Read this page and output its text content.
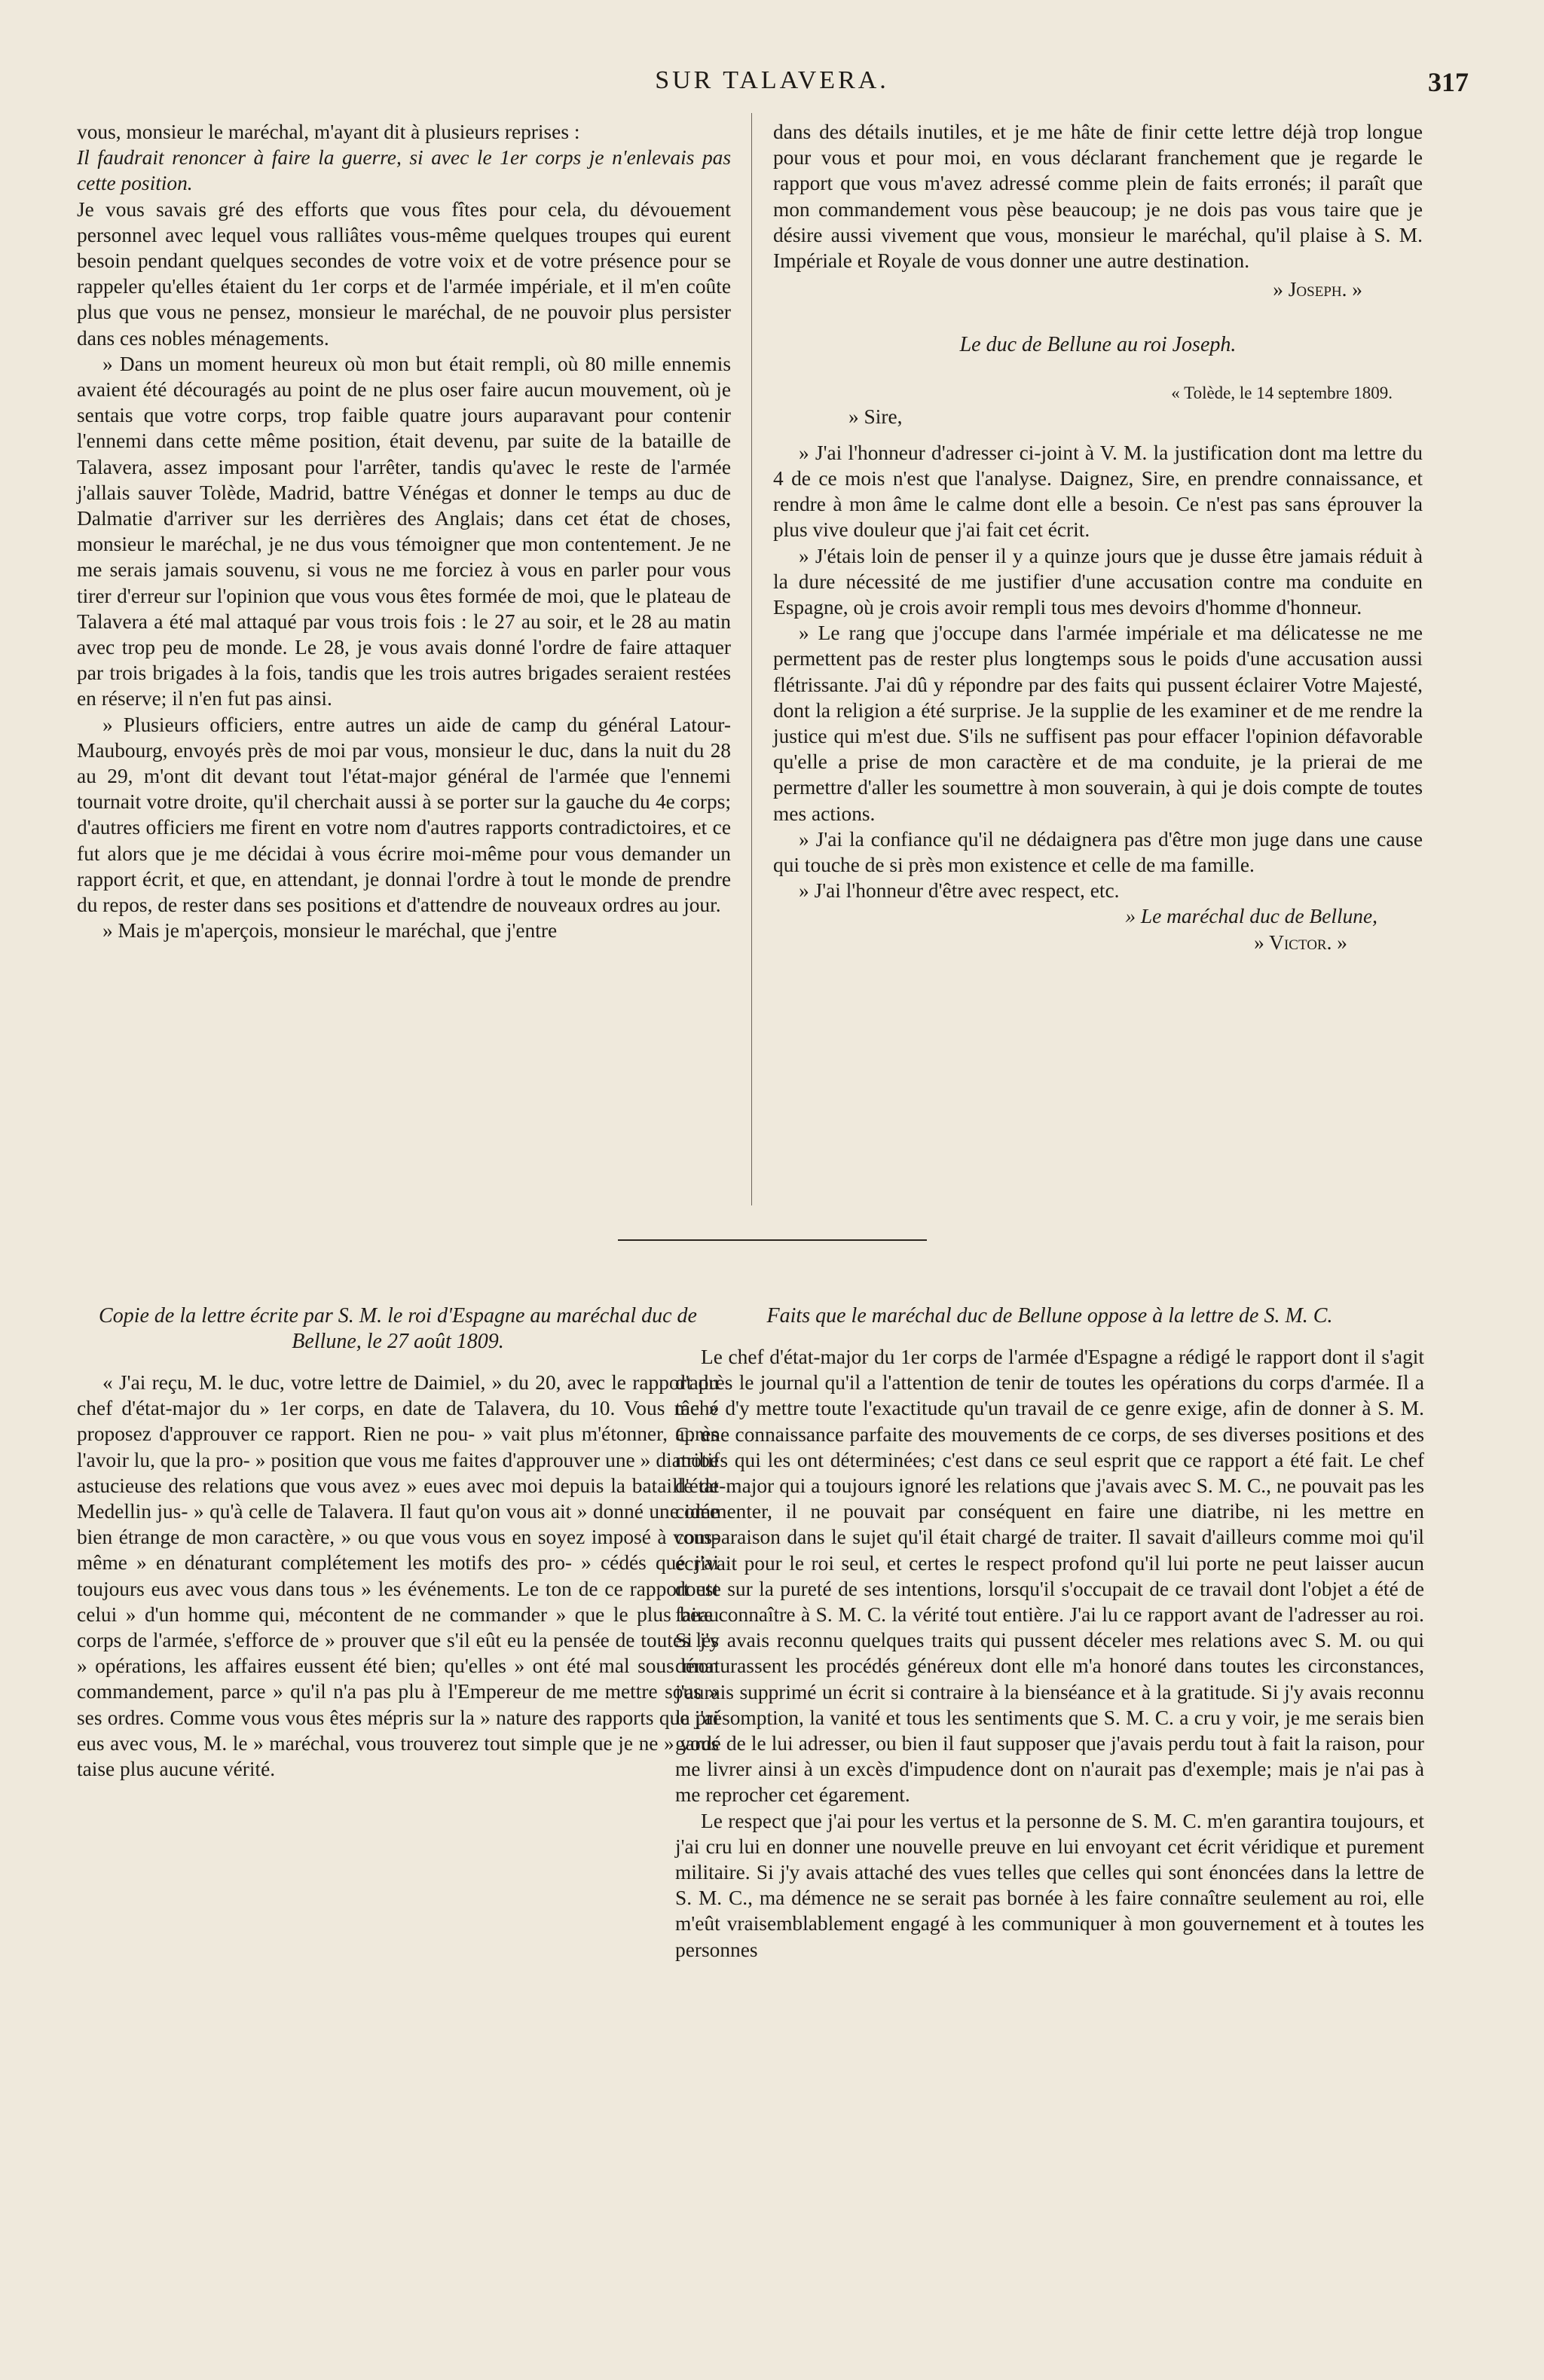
SUR TALAVERA.	317

vous, monsieur le maréchal, m'ayant dit à plusieurs reprises :

Il faudrait renoncer à faire la guerre, si avec le 1er corps je n'enlevais pas cette position.

Je vous savais gré des efforts que vous fîtes pour cela, du dévouement personnel avec lequel vous ralliâtes vous-même quelques troupes qui eurent besoin pendant quelques secondes de votre voix et de votre présence pour se rappeler qu'elles étaient du 1er corps et de l'armée impériale, et il m'en coûte plus que vous ne pensez, monsieur le maréchal, de ne pouvoir plus persister dans ces nobles ménagements.

» Dans un moment heureux où mon but était rempli, où 80 mille ennemis avaient été découragés au point de ne plus oser faire aucun mouvement, où je sentais que votre corps, trop faible quatre jours auparavant pour contenir l'ennemi dans cette même position, était devenu, par suite de la bataille de Talavera, assez imposant pour l'arrêter, tandis qu'avec le reste de l'armée j'allais sauver Tolède, Madrid, battre Vénégas et donner le temps au duc de Dalmatie d'arriver sur les derrières des Anglais; dans cet état de choses, monsieur le maréchal, je ne dus vous témoigner que mon contentement. Je ne me serais jamais souvenu, si vous ne me forciez à vous en parler pour vous tirer d'erreur sur l'opinion que vous vous êtes formée de moi, que le plateau de Talavera a été mal attaqué par vous trois fois : le 27 au soir, et le 28 au matin avec trop peu de monde. Le 28, je vous avais donné l'ordre de faire attaquer par trois brigades à la fois, tandis que les trois autres brigades seraient restées en réserve; il n'en fut pas ainsi.

» Plusieurs officiers, entre autres un aide de camp du général Latour-Maubourg, envoyés près de moi par vous, monsieur le duc, dans la nuit du 28 au 29, m'ont dit devant tout l'état-major général de l'armée que l'ennemi tournait votre droite, qu'il cherchait aussi à se porter sur la gauche du 4e corps; d'autres officiers me firent en votre nom d'autres rapports contradictoires, et ce fut alors que je me décidai à vous écrire moi-même pour vous demander un rapport écrit, et que, en attendant, je donnai l'ordre à tout le monde de prendre du repos, de rester dans ses positions et d'attendre de nouveaux ordres au jour.

» Mais je m'aperçois, monsieur le maréchal, que j'entre

dans des détails inutiles, et je me hâte de finir cette lettre déjà trop longue pour vous et pour moi, en vous déclarant franchement que je regarde le rapport que vous m'avez adressé comme plein de faits erronés; il paraît que mon commandement vous pèse beaucoup; je ne dois pas vous taire que je désire aussi vivement que vous, monsieur le maréchal, qu'il plaise à S. M. Impériale et Royale de vous donner une autre destination.

» Joseph. »

Le duc de Bellune au roi Joseph.

« Tolède, le 14 septembre 1809.

» Sire,

» J'ai l'honneur d'adresser ci-joint à V. M. la justification dont ma lettre du 4 de ce mois n'est que l'analyse. Daignez, Sire, en prendre connaissance, et rendre à mon âme le calme dont elle a besoin. Ce n'est pas sans éprouver la plus vive douleur que j'ai fait cet écrit.

» J'étais loin de penser il y a quinze jours que je dusse être jamais réduit à la dure nécessité de me justifier d'une accusation contre ma conduite en Espagne, où je crois avoir rempli tous mes devoirs d'homme d'honneur.

» Le rang que j'occupe dans l'armée impériale et ma délicatesse ne me permettent pas de rester plus longtemps sous le poids d'une accusation aussi flétrissante. J'ai dû y répondre par des faits qui pussent éclairer Votre Majesté, dont la religion a été surprise. Je la supplie de les examiner et de me rendre la justice qui m'est due. S'ils ne suffisent pas pour effacer l'opinion défavorable qu'elle a prise de mon caractère et de ma conduite, je la prierai de me permettre d'aller les soumettre à mon souverain, à qui je dois compte de toutes mes actions.

» J'ai la confiance qu'il ne dédaignera pas d'être mon juge dans une cause qui touche de si près mon existence et celle de ma famille.

» J'ai l'honneur d'être avec respect, etc.

» Le maréchal duc de Bellune,

» Victor. »

Copie de la lettre écrite par S. M. le roi d'Espagne au maréchal duc de Bellune, le 27 août 1809.

« J'ai reçu, M. le duc, votre lettre de Daimiel, » du 20, avec le rapport du chef d'état-major du » 1er corps, en date de Talavera, du 10. Vous me » proposez d'approuver ce rapport. Rien ne pou- » vait plus m'étonner, après l'avoir lu, que la pro- » position que vous me faites d'approuver une » diatribe astucieuse des relations que vous avez » eues avec moi depuis la bataille de Medellin jus- » qu'à celle de Talavera. Il faut qu'on vous ait » donné une idée bien étrange de mon caractère, » ou que vous vous en soyez imposé à vous-même » en dénaturant complétement les motifs des pro- » cédés que j'ai toujours eus avec vous dans tous » les événements. Le ton de ce rapport est celui » d'un homme qui, mécontent de ne commander » que le plus beau corps de l'armée, s'efforce de » prouver que s'il eût eu la pensée de toutes les » opérations, les affaires eussent été bien; qu'elles » ont été mal sous mon commandement, parce » qu'il n'a pas plu à l'Empereur de me mettre sous » ses ordres. Comme vous vous êtes mépris sur la » nature des rapports que j'ai eus avec vous, M. le » maréchal, vous trouverez tout simple que je ne » vous taise plus aucune vérité.

Faits que le maréchal duc de Bellune oppose à la lettre de S. M. C.

Le chef d'état-major du 1er corps de l'armée d'Espagne a rédigé le rapport dont il s'agit d'après le journal qu'il a l'attention de tenir de toutes les opérations du corps d'armée. Il a tâché d'y mettre toute l'exactitude qu'un travail de ce genre exige, afin de donner à S. M. C. une connaissance parfaite des mouvements de ce corps, de ses diverses positions et des motifs qui les ont déterminées; c'est dans ce seul esprit que ce rapport a été fait. Le chef d'état-major qui a toujours ignoré les relations que j'avais avec S. M. C., ne pouvait pas les commenter, il ne pouvait par conséquent en faire une diatribe, ni les mettre en comparaison dans le sujet qu'il était chargé de traiter. Il savait d'ailleurs comme moi qu'il écrivait pour le roi seul, et certes le respect profond qu'il lui porte ne peut laisser aucun doute sur la pureté de ses intentions, lorsqu'il s'occupait de ce travail dont l'objet a été de faire connaître à S. M. C. la vérité tout entière. J'ai lu ce rapport avant de l'adresser au roi. Si j'y avais reconnu quelques traits qui pussent déceler mes relations avec S. M. ou qui dénaturassent les procédés généreux dont elle m'a honoré dans toutes les circonstances, j'aurais supprimé un écrit si contraire à la bienséance et à la gratitude. Si j'y avais reconnu la présomption, la vanité et tous les sentiments que S. M. C. a cru y voir, je me serais bien gardé de le lui adresser, ou bien il faut supposer que j'avais perdu tout à fait la raison, pour me livrer ainsi à un excès d'impudence dont on n'aurait pas d'exemple; mais je n'ai pas à me reprocher cet égarement.

Le respect que j'ai pour les vertus et la personne de S. M. C. m'en garantira toujours, et j'ai cru lui en donner une nouvelle preuve en lui envoyant cet écrit véridique et purement militaire. Si j'y avais attaché des vues telles que celles qui sont énoncées dans la lettre de S. M. C., ma démence ne se serait pas bornée à les faire connaître seulement au roi, elle m'eût vraisemblablement engagé à les communiquer à mon gouvernement et à toutes les personnes
